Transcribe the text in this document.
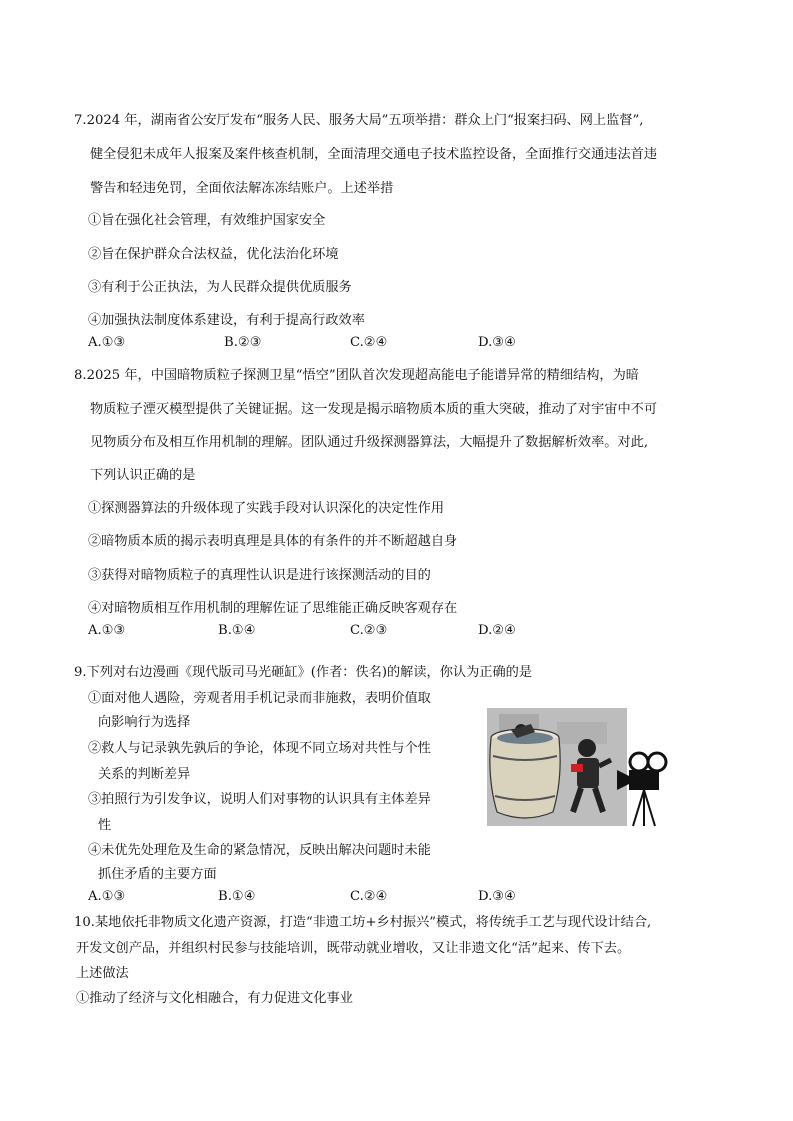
7.2024 年，湖南省公安厅发布“服务人民、服务大局”五项举措：群众上门“报案扫码、网上监督”,
健全侵犯未成年人报案及案件核查机制，全面清理交通电子技术监控设备，全面推行交通违法首违
警告和轻违免罚，全面依法解冻冻结账户。上述举措
①旨在强化社会管理，有效维护国家安全
②旨在保护群众合法权益，优化法治化环境
③有利于公正执法，为人民群众提供优质服务
④加强执法制度体系建设，有利于提高行政效率
A.①③	B.②③	C.②④	D.③④
8.2025 年，中国暗物质粒子探测卫星“悟空”团队首次发现超高能电子能谱异常的精细结构，为暗
物质粒子湮灭模型提供了关键证据。这一发现是揭示暗物质本质的重大突破，推动了对宇宙中不可
见物质分布及相互作用机制的理解。团队通过升级探测器算法，大幅提升了数据解析效率。对此,
下列认识正确的是
①探测器算法的升级体现了实践手段对认识深化的决定性作用
②暗物质本质的揭示表明真理是具体的有条件的并不断超越自身
③获得对暗物质粒子的真理性认识是进行该探测活动的目的
④对暗物质相互作用机制的理解佐证了思维能正确反映客观存在
A.①③	B.①④	C.②③	D.②④
9.下列对右边漫画《现代版司马光砸缸》(作者：佚名)的解读，你认为正确的是
①面对他人遇险，旁观者用手机记录而非施救，表明价值取
向影响行为选择
②救人与记录孰先孰后的争论，体现不同立场对共性与个性
关系的判断差异
③拍照行为引发争议，说明人们对事物的认识具有主体差异
性
④未优先处理危及生命的紧急情况，反映出解决问题时未能
抓住矛盾的主要方面
A.①③	B.①④	C.②④	D.③④
10.某地依托非物质文化遗产资源，打造“非遗工坊+乡村振兴”模式，将传统手工艺与现代设计结合,
开发文创产品，并组织村民参与技能培训，既带动就业增收，又让非遗文化“活”起来、传下去。
上述做法
①推动了经济与文化相融合，有力促进文化事业
